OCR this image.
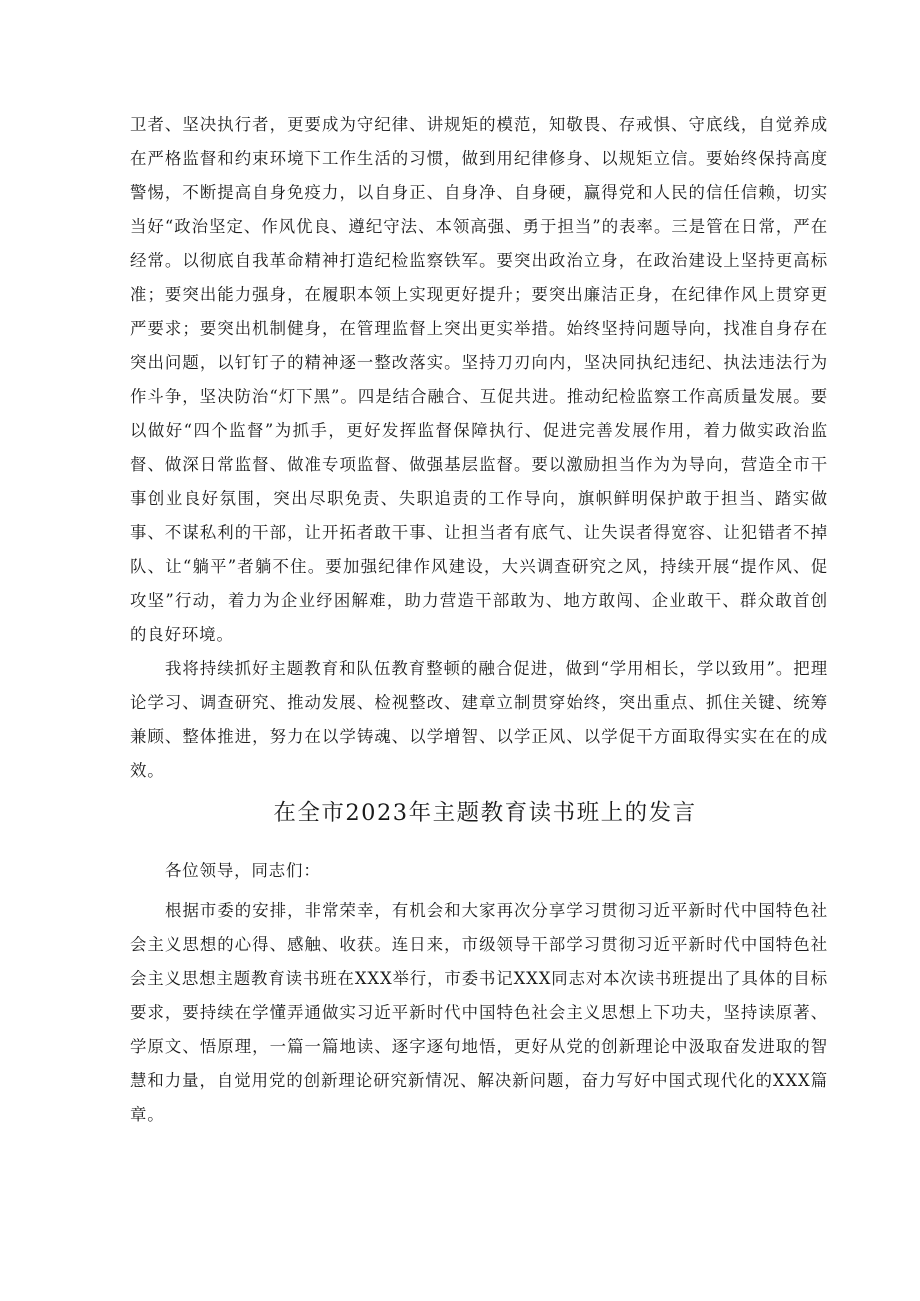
卫者、坚决执行者，更要成为守纪律、讲规矩的模范，知敬畏、存戒惧、守底线，自觉养成在严格监督和约束环境下工作生活的习惯，做到用纪律修身、以规矩立信。要始终保持高度警惕，不断提高自身免疫力，以自身正、自身净、自身硬，赢得党和人民的信任信赖，切实当好“政治坚定、作风优良、遵纪守法、本领高强、勇于担当”的表率。三是管在日常，严在经常。以彻底自我革命精神打造纪检监察铁军。要突出政治立身，在政治建设上坚持更高标准；要突出能力强身，在履职本领上实现更好提升；要突出廉洁正身，在纪律作风上贯穿更严要求；要突出机制健身，在管理监督上突出更实举措。始终坚持问题导向，找准自身存在突出问题，以钉钉子的精神逐一整改落实。坚持刀刃向内，坚决同执纪违纪、执法违法行为作斗争，坚决防治“灯下黑”。四是结合融合、互促共进。推动纪检监察工作高质量发展。要以做好“四个监督”为抓手，更好发挥监督保障执行、促进完善发展作用，着力做实政治监督、做深日常监督、做准专项监督、做强基层监督。要以激励担当作为为导向，营造全市干事创业良好氛围，突出尽职免责、失职追责的工作导向，旗帜鲜明保护敢于担当、踏实做事、不谋私利的干部，让开拓者敢干事、让担当者有底气、让失误者得宽容、让犯错者不掉队、让“躺平”者躺不住。要加强纪律作风建设，大兴调查研究之风，持续开展“提作风、促攻坚”行动，着力为企业纾困解难，助力营造干部敢为、地方敢闯、企业敢干、群众敢首创的良好环境。

我将持续抓好主题教育和队伍教育整顿的融合促进，做到“学用相长，学以致用”。把理论学习、调查研究、推动发展、检视整改、建章立制贯穿始终，突出重点、抓住关键、统筹兼顾、整体推进，努力在以学铸魂、以学增智、以学正风、以学促干方面取得实实在在的成效。

在全市2023年主题教育读书班上的发言

各位领导，同志们：

根据市委的安排，非常荣幸，有机会和大家再次分享学习贯彻习近平新时代中国特色社会主义思想的心得、感触、收获。连日来，市级领导干部学习贯彻习近平新时代中国特色社会主义思想主题教育读书班在XXX举行，市委书记XXX同志对本次读书班提出了具体的目标要求，要持续在学懂弄通做实习近平新时代中国特色社会主义思想上下功夫，坚持读原著、学原文、悟原理，一篇一篇地读、逐字逐句地悟，更好从党的创新理论中汲取奋发进取的智慧和力量，自觉用党的创新理论研究新情况、解决新问题，奋力写好中国式现代化的XXX篇章。
